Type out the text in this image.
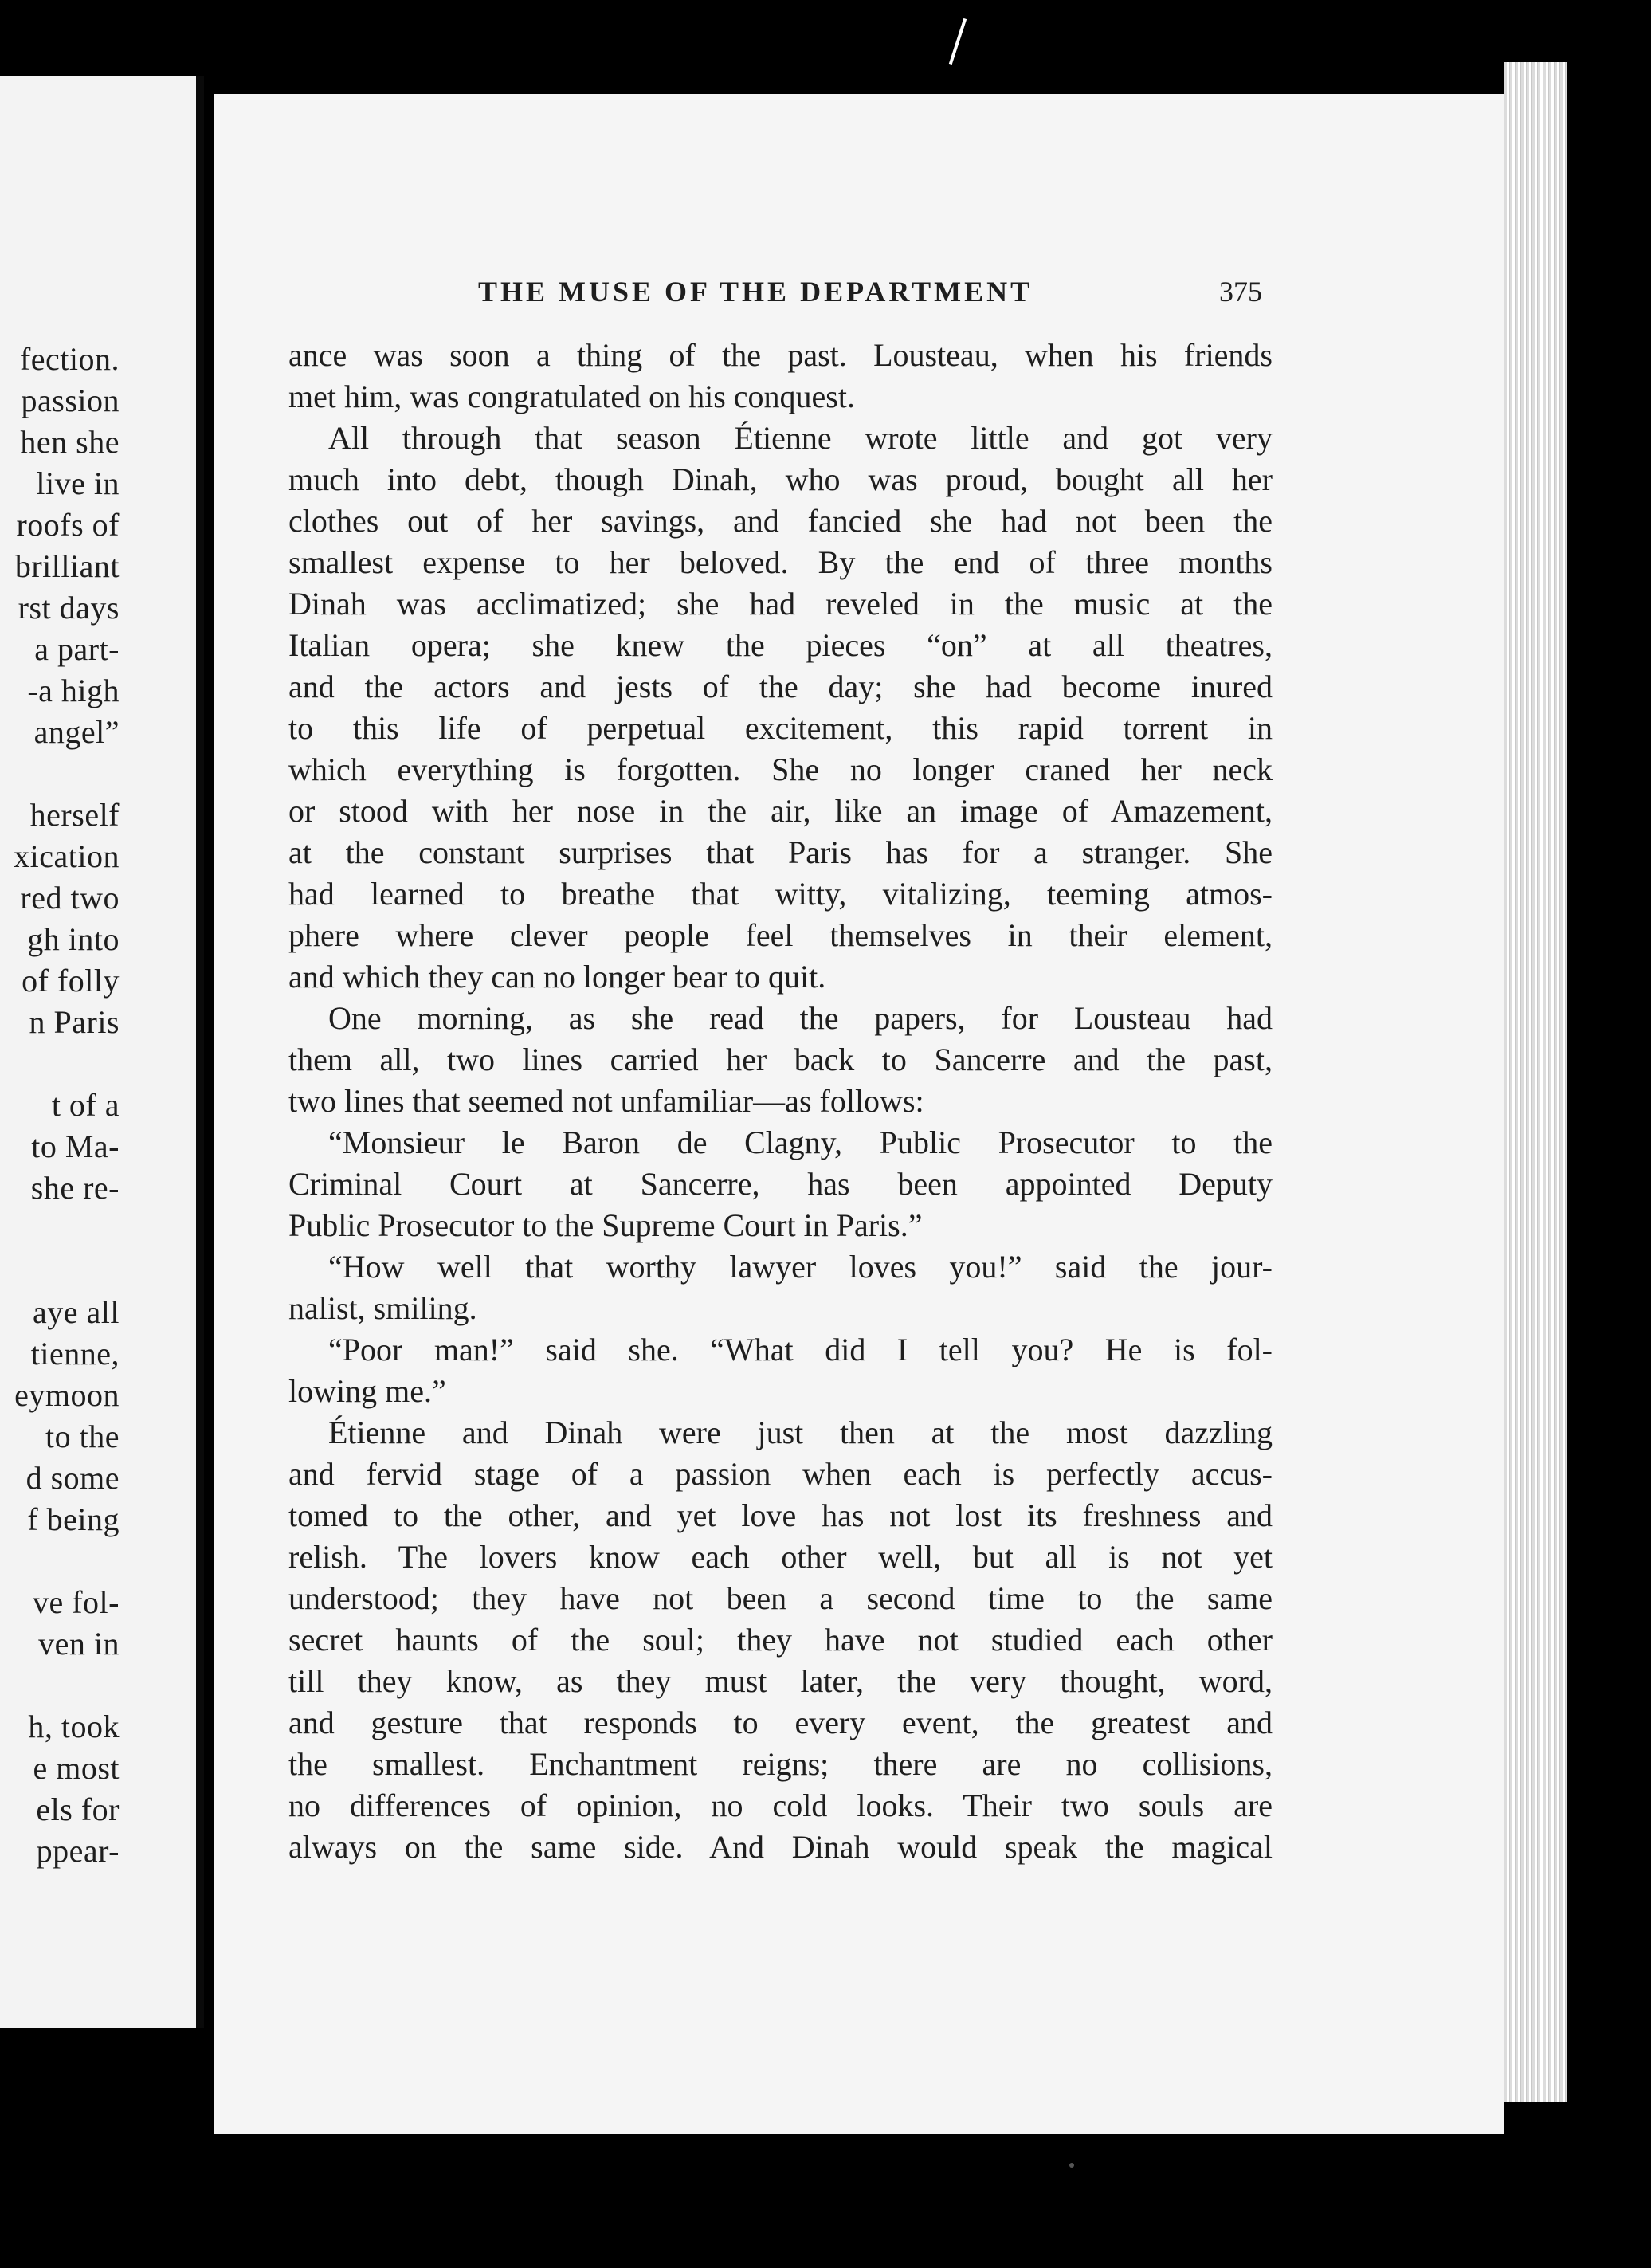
fection.
passion
hen she
live in
roofs of
brilliant
rst days
a part-
-a high
angel”
herself
xication
red two
gh into
of folly
n Paris
t of a
to Ma-
she re-
aye all
tienne,
eymoon
to the
d some
f being
ve fol-
ven in
h, took
e most
els for
ppear-
THE MUSE OF THE DEPARTMENT	375
ance was soon a thing of the past. Lousteau, when his friends
met him, was congratulated on his conquest.
All through that season Étienne wrote little and got very
much into debt, though Dinah, who was proud, bought all her
clothes out of her savings, and fancied she had not been the
smallest expense to her beloved. By the end of three months
Dinah was acclimatized; she had reveled in the music at the
Italian opera; she knew the pieces “on” at all theatres,
and the actors and jests of the day; she had become inured
to this life of perpetual excitement, this rapid torrent in
which everything is forgotten. She no longer craned her neck
or stood with her nose in the air, like an image of Amazement,
at the constant surprises that Paris has for a stranger. She
had learned to breathe that witty, vitalizing, teeming atmos-
phere where clever people feel themselves in their element,
and which they can no longer bear to quit.
One morning, as she read the papers, for Lousteau had
them all, two lines carried her back to Sancerre and the past,
two lines that seemed not unfamiliar—as follows:
“Monsieur le Baron de Clagny, Public Prosecutor to the
Criminal Court at Sancerre, has been appointed Deputy
Public Prosecutor to the Supreme Court in Paris.”
“How well that worthy lawyer loves you!” said the jour-
nalist, smiling.
“Poor man!” said she. “What did I tell you? He is fol-
lowing me.”
Étienne and Dinah were just then at the most dazzling
and fervid stage of a passion when each is perfectly accus-
tomed to the other, and yet love has not lost its freshness and
relish. The lovers know each other well, but all is not yet
understood; they have not been a second time to the same
secret haunts of the soul; they have not studied each other
till they know, as they must later, the very thought, word,
and gesture that responds to every event, the greatest and
the smallest. Enchantment reigns; there are no collisions,
no differences of opinion, no cold looks. Their two souls are
always on the same side. And Dinah would speak the magical
